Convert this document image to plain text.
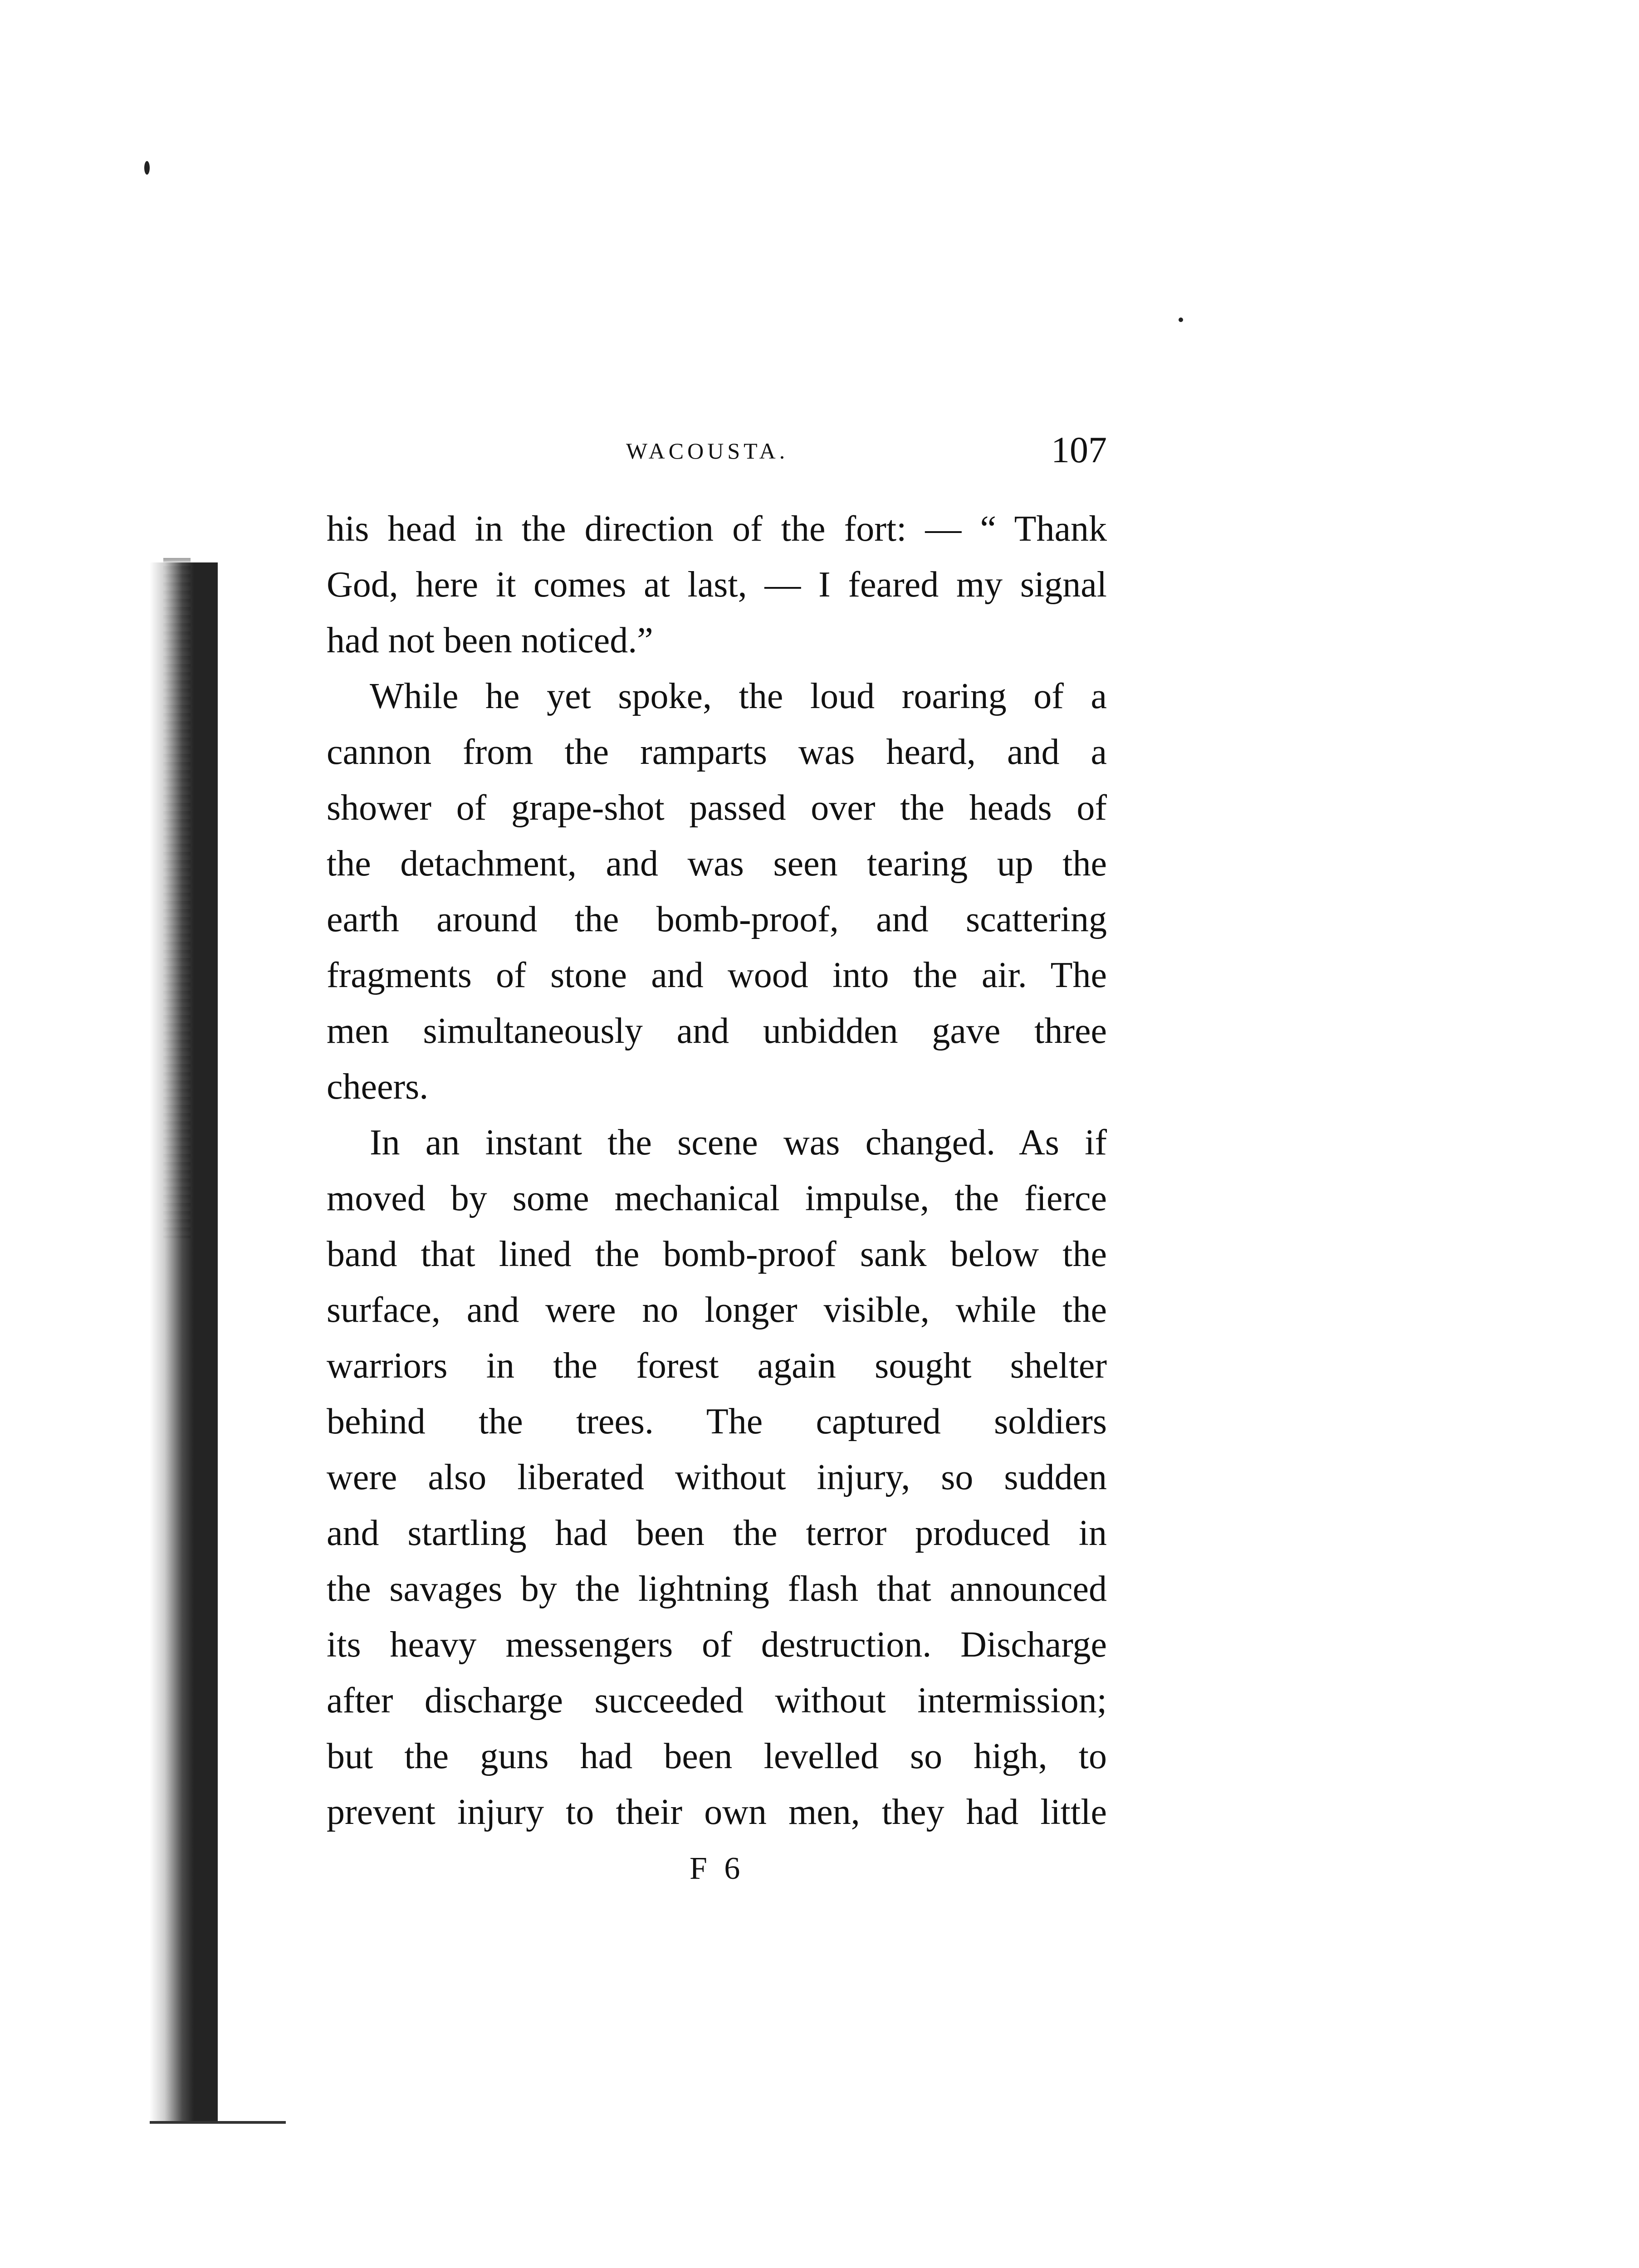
WACOUSTA.	107
his head in the direction of the fort: — “ Thank
God, here it comes at last, — I feared my signal
had not been noticed.”
While he yet spoke, the loud roaring of a
cannon from the ramparts was heard, and a
shower of grape-shot passed over the heads of
the detachment, and was seen tearing up the
earth around the bomb-proof, and scattering
fragments of stone and wood into the air. The
men simultaneously and unbidden gave three
cheers.
In an instant the scene was changed. As if
moved by some mechanical impulse, the fierce
band that lined the bomb-proof sank below the
surface, and were no longer visible, while the
warriors in the forest again sought shelter
behind the trees. The captured soldiers
were also liberated without injury, so sudden
and startling had been the terror produced in
the savages by the lightning flash that announced
its heavy messengers of destruction. Discharge
after discharge succeeded without intermission;
but the guns had been levelled so high, to
prevent injury to their own men, they had little
F 6
